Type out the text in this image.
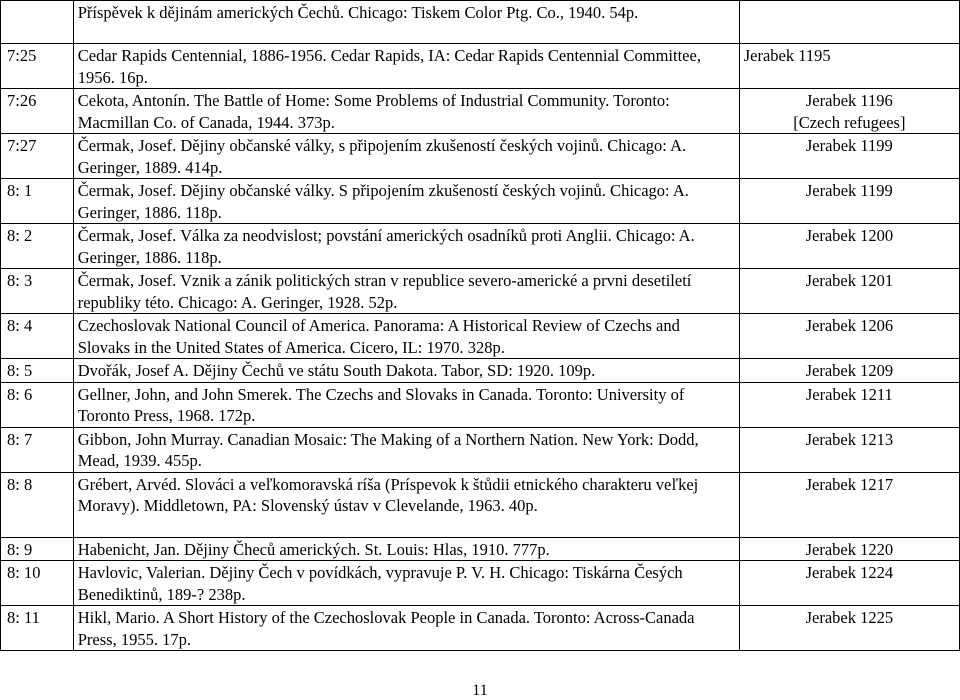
	Příspěvek k dějinám amerických Čechů. Chicago: Tiskem Color Ptg. Co., 1940. 54p.	

7:25	Cedar Rapids Centennial, 1886-1956. Cedar Rapids, IA: Cedar Rapids Centennial Committee, 1956. 16p.	Jerabek 1195

7:26	Cekota, Antonín. The Battle of Home: Some Problems of Industrial Community. Toronto: Macmillan Co. of Canada, 1944. 373p.	Jerabek 1196
[Czech refugees]

7:27	Čermak, Josef. Dějiny občanské války, s připojením zkušeností českých vojinů. Chicago: A. Geringer, 1889. 414p.	Jerabek 1199

8: 1	Čermak, Josef. Dějiny občanské války. S připojením zkušeností českých vojinů. Chicago: A. Geringer, 1886. 118p.	Jerabek 1199

8: 2	Čermak, Josef. Válka za neodvislost; povstání amerických osadníků proti Anglii. Chicago: A. Geringer, 1886. 118p.	Jerabek 1200

8: 3	Čermak, Josef. Vznik a zánik politických stran v republice severo-americké a prvni desetiletí republiky této. Chicago: A. Geringer, 1928. 52p.	Jerabek 1201

8: 4	Czechoslovak National Council of America. Panorama: A Historical Review of Czechs and Slovaks in the United States of America. Cicero, IL: 1970. 328p.	Jerabek 1206

8: 5	Dvořák, Josef A. Dějiny Čechů ve státu South Dakota. Tabor, SD: 1920. 109p.	Jerabek 1209

8: 6	Gellner, John, and John Smerek. The Czechs and Slovaks in Canada. Toronto: University of Toronto Press, 1968. 172p.	Jerabek 1211

8: 7	Gibbon, John Murray. Canadian Mosaic: The Making of a Northern Nation. New York: Dodd, Mead, 1939. 455p.	Jerabek 1213

8: 8	Grébert, Arvéd. Slováci a veľkomoravská ríša (Príspevok k štůdii etnického charakteru veľkej Moravy). Middletown, PA: Slovenský ústav v Clevelande, 1963. 40p.	Jerabek 1217

8: 9	Habenicht, Jan. Dějiny Čheců amerických. St. Louis: Hlas, 1910. 777p.	Jerabek 1220

8: 10	Havlovic, Valerian. Dějiny Čech v povídkách, vypravuje P. V. H. Chicago: Tiskárna Česých Benediktinů, 189-? 238p.	Jerabek 1224

8: 11	Hikl, Mario. A Short History of the Czechoslovak People in Canada. Toronto: Across-Canada Press, 1955. 17p.	Jerabek 1225
11
